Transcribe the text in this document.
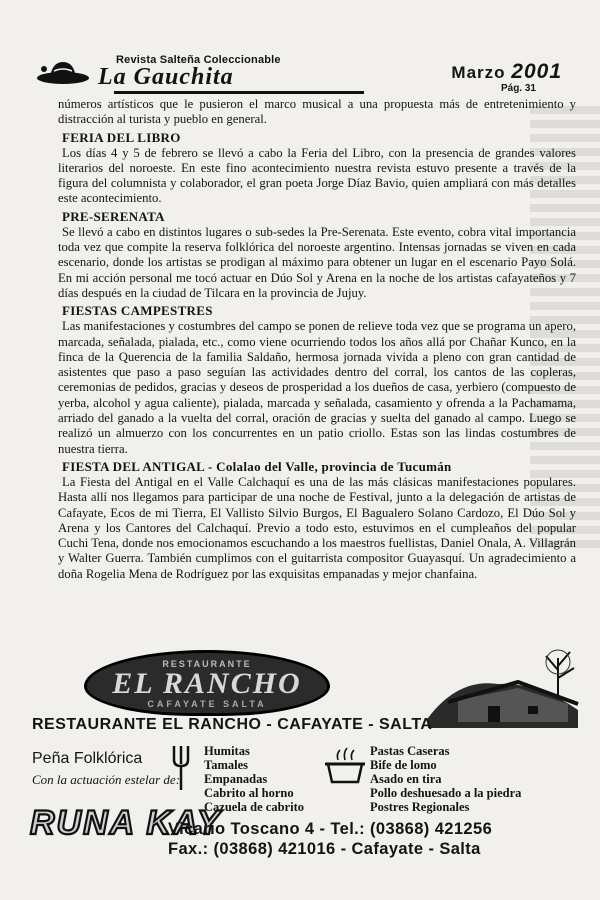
Revista Salteña Coleccionable
La Gauchita	Marzo 2001
Pág. 31

números artísticos que le pusieron el marco musical a una propuesta más de entretenimiento y distracción al turista y pueblo en general.

FERIA DEL LIBRO

Los días 4 y 5 de febrero se llevó a cabo la Feria del Libro, con la presencia de grandes valores literarios del noroeste. En este fino acontecimiento nuestra revista estuvo presente a través de la figura del columnista y colaborador, el gran poeta Jorge Díaz Bavio, quien ampliará con más detalles este acontecimiento.

PRE-SERENATA

Se llevó a cabo en distintos lugares o sub-sedes la Pre-Serenata. Este evento, cobra vital importancia toda vez que compite la reserva folklórica del noroeste argentino. Intensas jornadas se viven en cada escenario, donde los artistas se prodigan al máximo para obtener un lugar en el escenario Payo Solá. En mi acción personal me tocó actuar en Dúo Sol y Arena en la noche de los artistas cafayateños y 7 días después en la ciudad de Tilcara en la provincia de Jujuy.

FIESTAS CAMPESTRES

Las manifestaciones y costumbres del campo se ponen de relieve toda vez que se programa un apero, marcada, señalada, pialada, etc., como viene ocurriendo todos los años allá por Chañar Kunco, en la finca de la Querencia de la familia Saldaño, hermosa jornada vivida a pleno con gran cantidad de asistentes que paso a paso seguían las actividades dentro del corral, los cantos de las copleras, ceremonias de pedidos, gracias y deseos de prosperidad a los dueños de casa, yerbiero (compuesto de yerba, alcohol y agua caliente), pialada, marcada y señalada, casamiento y ofrenda a la Pachamama, arriado del ganado a la vuelta del corral, oración de gracias y suelta del ganado al campo. Luego se realizó un almuerzo con los concurrentes en un patio criollo. Estas son las lindas costumbres de nuestra tierra.

FIESTA DEL ANTIGAL - Colalao del Valle, provincia de Tucumán

La Fiesta del Antigal en el Valle Calchaquí es una de las más clásicas manifestaciones populares. Hasta allí nos llegamos para participar de una noche de Festival, junto a la delegación de artistas de Cafayate, Ecos de mi Tierra, El Vallisto Silvio Burgos, El Bagualero Solano Cardozo, El Dúo Sol y Arena y los Cantores del Calchaquí. Previo a todo esto, estuvimos en el cumpleaños del popular Cuchi Tena, donde nos emocionamos escuchando a los maestros fuellistas, Daniel Onala, A. Villagrán y Walter Guerra. También cumplimos con el guitarrista compositor Guayasquí. Un agradecimiento a doña Rogelia Mena de Rodríguez por las exquisitas empanadas y mejor chanfaina.

RESTAURANTE
EL RANCHO
CAFAYATE SALTA
RESTAURANTE EL RANCHO - CAFAYATE - SALTA
Peña Folklórica
Con la actuación estelar de:
RUNA KAY
Humitas
Tamales
Empanadas
Cabrito al horno
Cazuela de cabrito
Pastas Caseras
Bife de lomo
Asado en tira
Pollo deshuesado a la piedra
Postres Regionales
Vicario Toscano 4 - Tel.: (03868) 421256
Fax.: (03868) 421016 - Cafayate - Salta
